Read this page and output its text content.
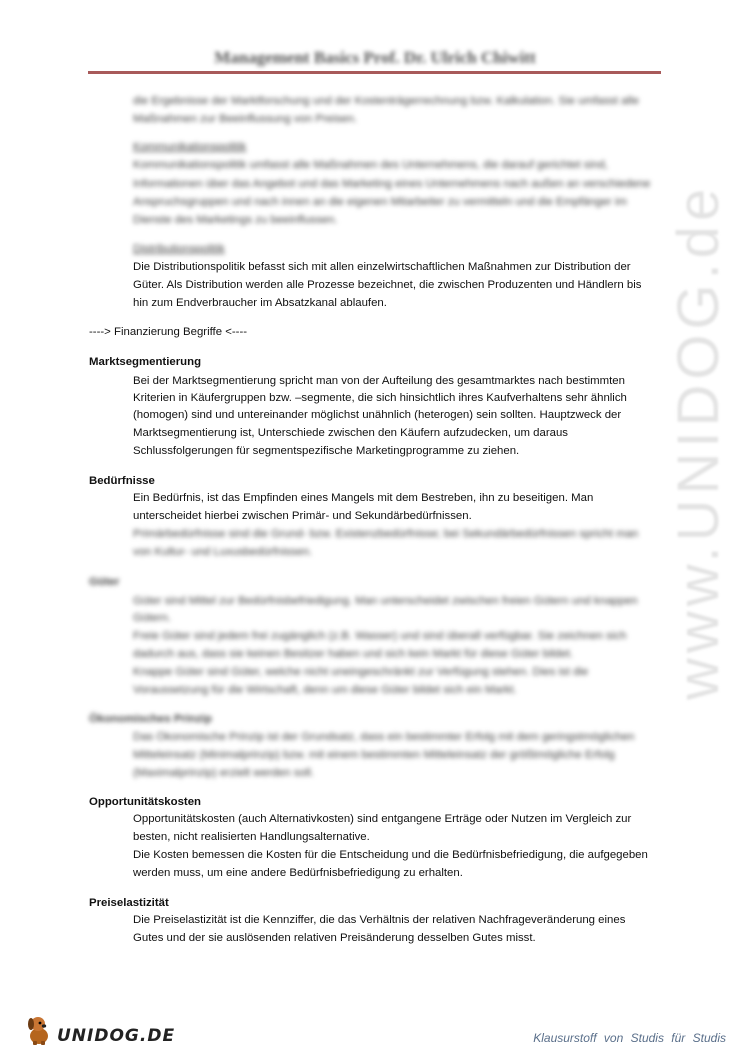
Management Basics Prof. Dr. Ulrich Chiwitt
www.UNIDOG.de
die Ergebnisse der Marktforschung und der Kostenträgerrechnung bzw. Kalkulation. Sie umfasst alle
Maßnahmen zur Beeinflussung von Preisen.
Kommunikationspolitik
Kommunikationspolitik umfasst alle Maßnahmen des Unternehmens, die darauf gerichtet sind,
Informationen über das Angebot und das Marketing eines Unternehmens nach außen an verschiedene
Anspruchsgruppen und nach innen an die eigenen Mitarbeiter zu vermitteln und die Empfänger im
Dienste des Marketings zu beeinflussen.
Distributionspolitik
Die Distributionspolitik befasst sich mit allen einzelwirtschaftlichen Maßnahmen zur Distribution der
Güter. Als Distribution werden alle Prozesse bezeichnet, die zwischen Produzenten und Händlern bis
hin zum Endverbraucher im Absatzkanal ablaufen.
----> Finanzierung Begriffe <----
Marktsegmentierung
Bei der Marktsegmentierung spricht man von der Aufteilung des gesamtmarktes nach bestimmten
Kriterien in Käufergruppen bzw. –segmente, die sich hinsichtlich ihres Kaufverhaltens sehr ähnlich
(homogen) sind und untereinander möglichst unähnlich (heterogen) sein sollten. Hauptzweck der
Marktsegmentierung ist, Unterschiede zwischen den Käufern aufzudecken, um daraus
Schlussfolgerungen für segmentspezifische Marketingprogramme zu ziehen.
Bedürfnisse
Ein Bedürfnis, ist das Empfinden eines Mangels mit dem Bestreben, ihn zu beseitigen. Man
unterscheidet hierbei zwischen Primär- und Sekundärbedürfnissen.
Primärbedürfnisse sind die Grund- bzw. Existenzbedürfnisse; bei Sekundärbedürfnissen spricht man
von Kultur- und Luxusbedürfnissen.
Güter
Güter sind Mittel zur Bedürfnisbefriedigung. Man unterscheidet zwischen freien Gütern und knappen
Gütern.
Freie Güter sind jedem frei zugänglich (z.B. Wasser) und sind überall verfügbar. Sie zeichnen sich
dadurch aus, dass sie keinen Besitzer haben und sich kein Markt für diese Güter bildet.
Knappe Güter sind Güter, welche nicht uneingeschränkt zur Verfügung stehen. Dies ist die
Voraussetzung für die Wirtschaft, denn um diese Güter bildet sich ein Markt.
Ökonomisches Prinzip
Das Ökonomische Prinzip ist der Grundsatz, dass ein bestimmter Erfolg mit dem geringstmöglichen
Mitteleinsatz (Minimalprinzip) bzw. mit einem bestimmten Mitteleinsatz der größtmögliche Erfolg
(Maximalprinzip) erzielt werden soll.
Opportunitätskosten
Opportunitätskosten (auch Alternativkosten) sind entgangene Erträge oder Nutzen im Vergleich zur
besten, nicht realisierten Handlungsalternative.
Die Kosten bemessen die Kosten für die Entscheidung und die Bedürfnisbefriedigung, die aufgegeben
werden muss, um eine andere Bedürfnisbefriedigung zu erhalten.
Preiselastizität
Die Preiselastizität ist die Kennziffer, die das Verhältnis der relativen Nachfrageveränderung eines
Gutes und der sie auslösenden relativen Preisänderung desselben Gutes misst.
UNIDOG.DE	Klausurstoff von Studis für Studis
